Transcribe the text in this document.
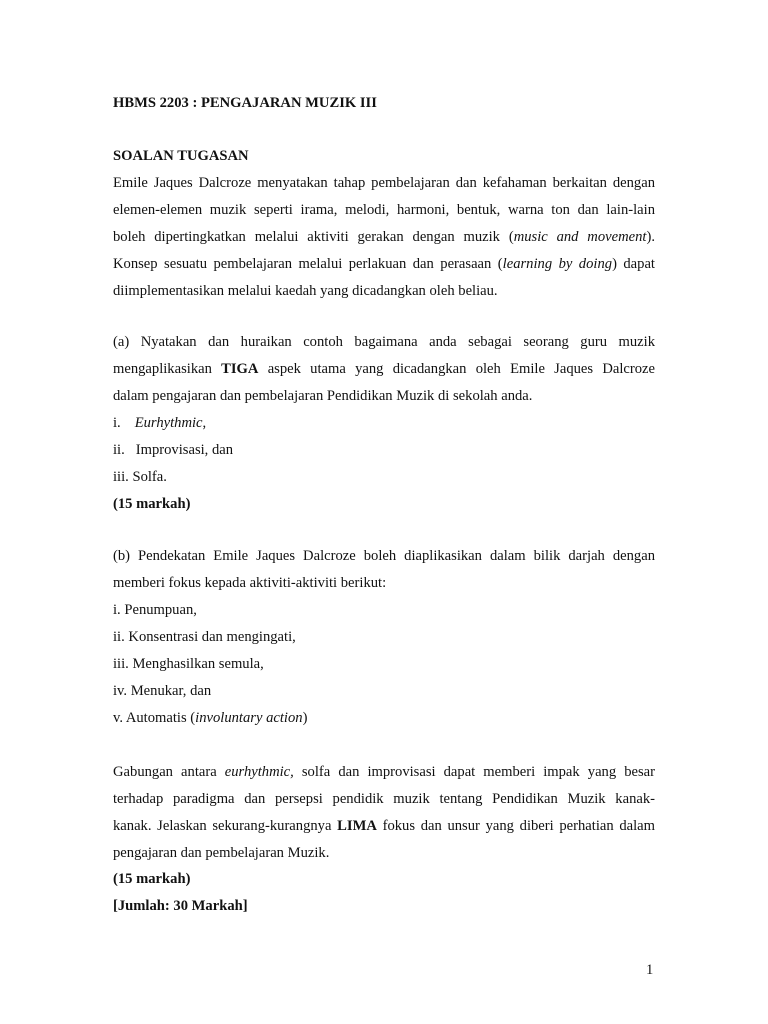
HBMS 2203 : PENGAJARAN MUZIK III
SOALAN TUGASAN
Emile Jaques Dalcroze menyatakan tahap pembelajaran dan kefahaman berkaitan dengan
elemen-elemen muzik seperti irama, melodi, harmoni, bentuk, warna ton dan lain-lain
boleh dipertingkatkan melalui aktiviti gerakan dengan muzik (music and movement).
Konsep sesuatu pembelajaran melalui perlakuan dan perasaan (learning by doing) dapat
diimplementasikan melalui kaedah yang dicadangkan oleh beliau.
(a) Nyatakan dan huraikan contoh bagaimana anda sebagai seorang guru muzik
mengaplikasikan TIGA aspek utama yang dicadangkan oleh Emile Jaques Dalcroze
dalam pengajaran dan pembelajaran Pendidikan Muzik di sekolah anda.
i. Eurhythmic,
ii. Improvisasi, dan
iii. Solfa.
(15 markah)
(b) Pendekatan Emile Jaques Dalcroze boleh diaplikasikan dalam bilik darjah dengan
memberi fokus kepada aktiviti-aktiviti berikut:
i. Penumpuan,
ii. Konsentrasi dan mengingati,
iii. Menghasilkan semula,
iv. Menukar, dan
v. Automatis (involuntary action)
Gabungan antara eurhythmic, solfa dan improvisasi dapat memberi impak yang besar
terhadap paradigma dan persepsi pendidik muzik tentang Pendidikan Muzik kanak-
kanak. Jelaskan sekurang-kurangnya LIMA fokus dan unsur yang diberi perhatian dalam
pengajaran dan pembelajaran Muzik.
(15 markah)
[Jumlah: 30 Markah]
1
